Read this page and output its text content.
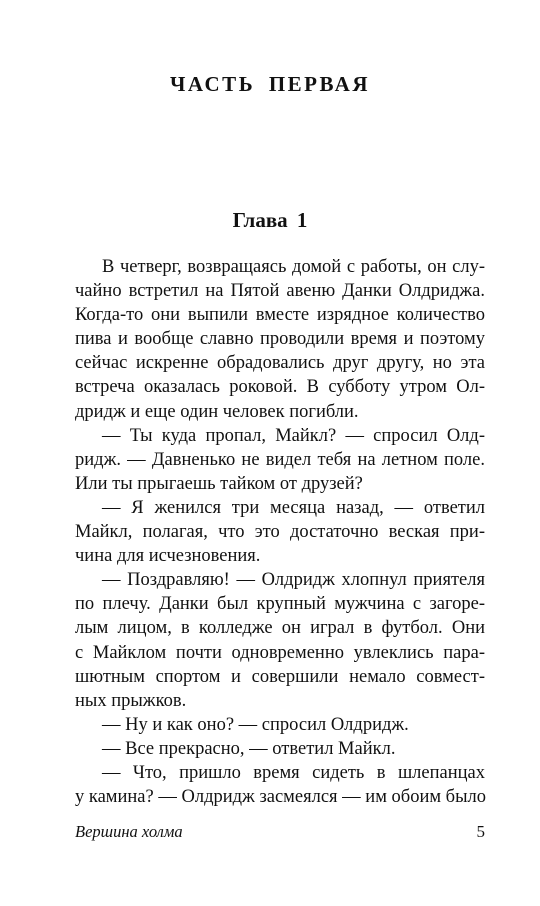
ЧАСТЬ ПЕРВАЯ
Глава 1
В четверг, возвращаясь домой с работы, он слу-
чайно встретил на Пятой авеню Данки Олдриджа.
Когда-то они выпили вместе изрядное количество
пива и вообще славно проводили время и поэтому
сейчас искренне обрадовались друг другу, но эта
встреча оказалась роковой. В субботу утром Ол-
дридж и еще один человек погибли.
— Ты куда пропал, Майкл? — спросил Олд-
ридж. — Давненько не видел тебя на летном поле.
Или ты прыгаешь тайком от друзей?
— Я женился три месяца назад, — ответил
Майкл, полагая, что это достаточно веская при-
чина для исчезновения.
— Поздравляю! — Олдридж хлопнул приятеля
по плечу. Данки был крупный мужчина с загоре-
лым лицом, в колледже он играл в футбол. Они
с Майклом почти одновременно увлеклись пара-
шютным спортом и совершили немало совмест-
ных прыжков.
— Ну и как оно? — спросил Олдридж.
— Все прекрасно, — ответил Майкл.
— Что, пришло время сидеть в шлепанцах
у камина? — Олдридж засмеялся — им обоим было
Вершина холма	5
